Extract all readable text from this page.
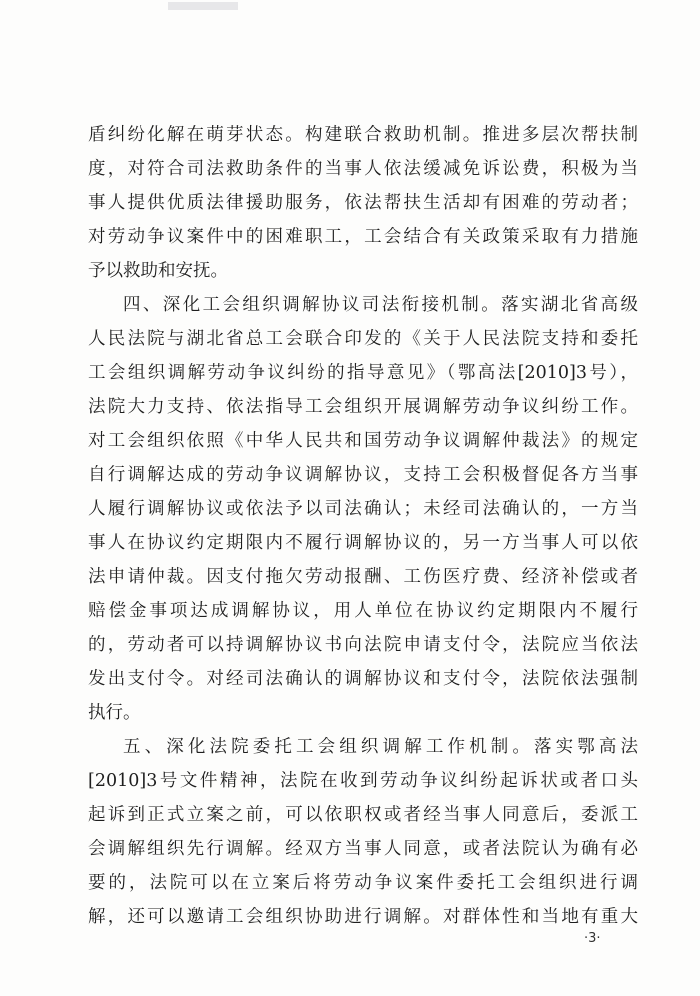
盾纠纷化解在萌芽状态。构建联合救助机制。推进多层次帮扶制
度，对符合司法救助条件的当事人依法缓减免诉讼费，积极为当
事人提供优质法律援助服务，依法帮扶生活却有困难的劳动者；
对劳动争议案件中的困难职工，工会结合有关政策采取有力措施
予以救助和安抚。
四、深化工会组织调解协议司法衔接机制。落实湖北省高级
人民法院与湖北省总工会联合印发的《关于人民法院支持和委托
工会组织调解劳动争议纠纷的指导意见》（鄂高法[2010]3号），
法院大力支持、依法指导工会组织开展调解劳动争议纠纷工作。
对工会组织依照《中华人民共和国劳动争议调解仲裁法》的规定
自行调解达成的劳动争议调解协议，支持工会积极督促各方当事
人履行调解协议或依法予以司法确认；未经司法确认的，一方当
事人在协议约定期限内不履行调解协议的，另一方当事人可以依
法申请仲裁。因支付拖欠劳动报酬、工伤医疗费、经济补偿或者
赔偿金事项达成调解协议，用人单位在协议约定期限内不履行
的，劳动者可以持调解协议书向法院申请支付令，法院应当依法
发出支付令。对经司法确认的调解协议和支付令，法院依法强制
执行。
五、深化法院委托工会组织调解工作机制。落实鄂高法
[2010]3号文件精神，法院在收到劳动争议纠纷起诉状或者口头
起诉到正式立案之前，可以依职权或者经当事人同意后，委派工
会调解组织先行调解。经双方当事人同意，或者法院认为确有必
要的，法院可以在立案后将劳动争议案件委托工会组织进行调
解，还可以邀请工会组织协助进行调解。对群体性和当地有重大
·3·
